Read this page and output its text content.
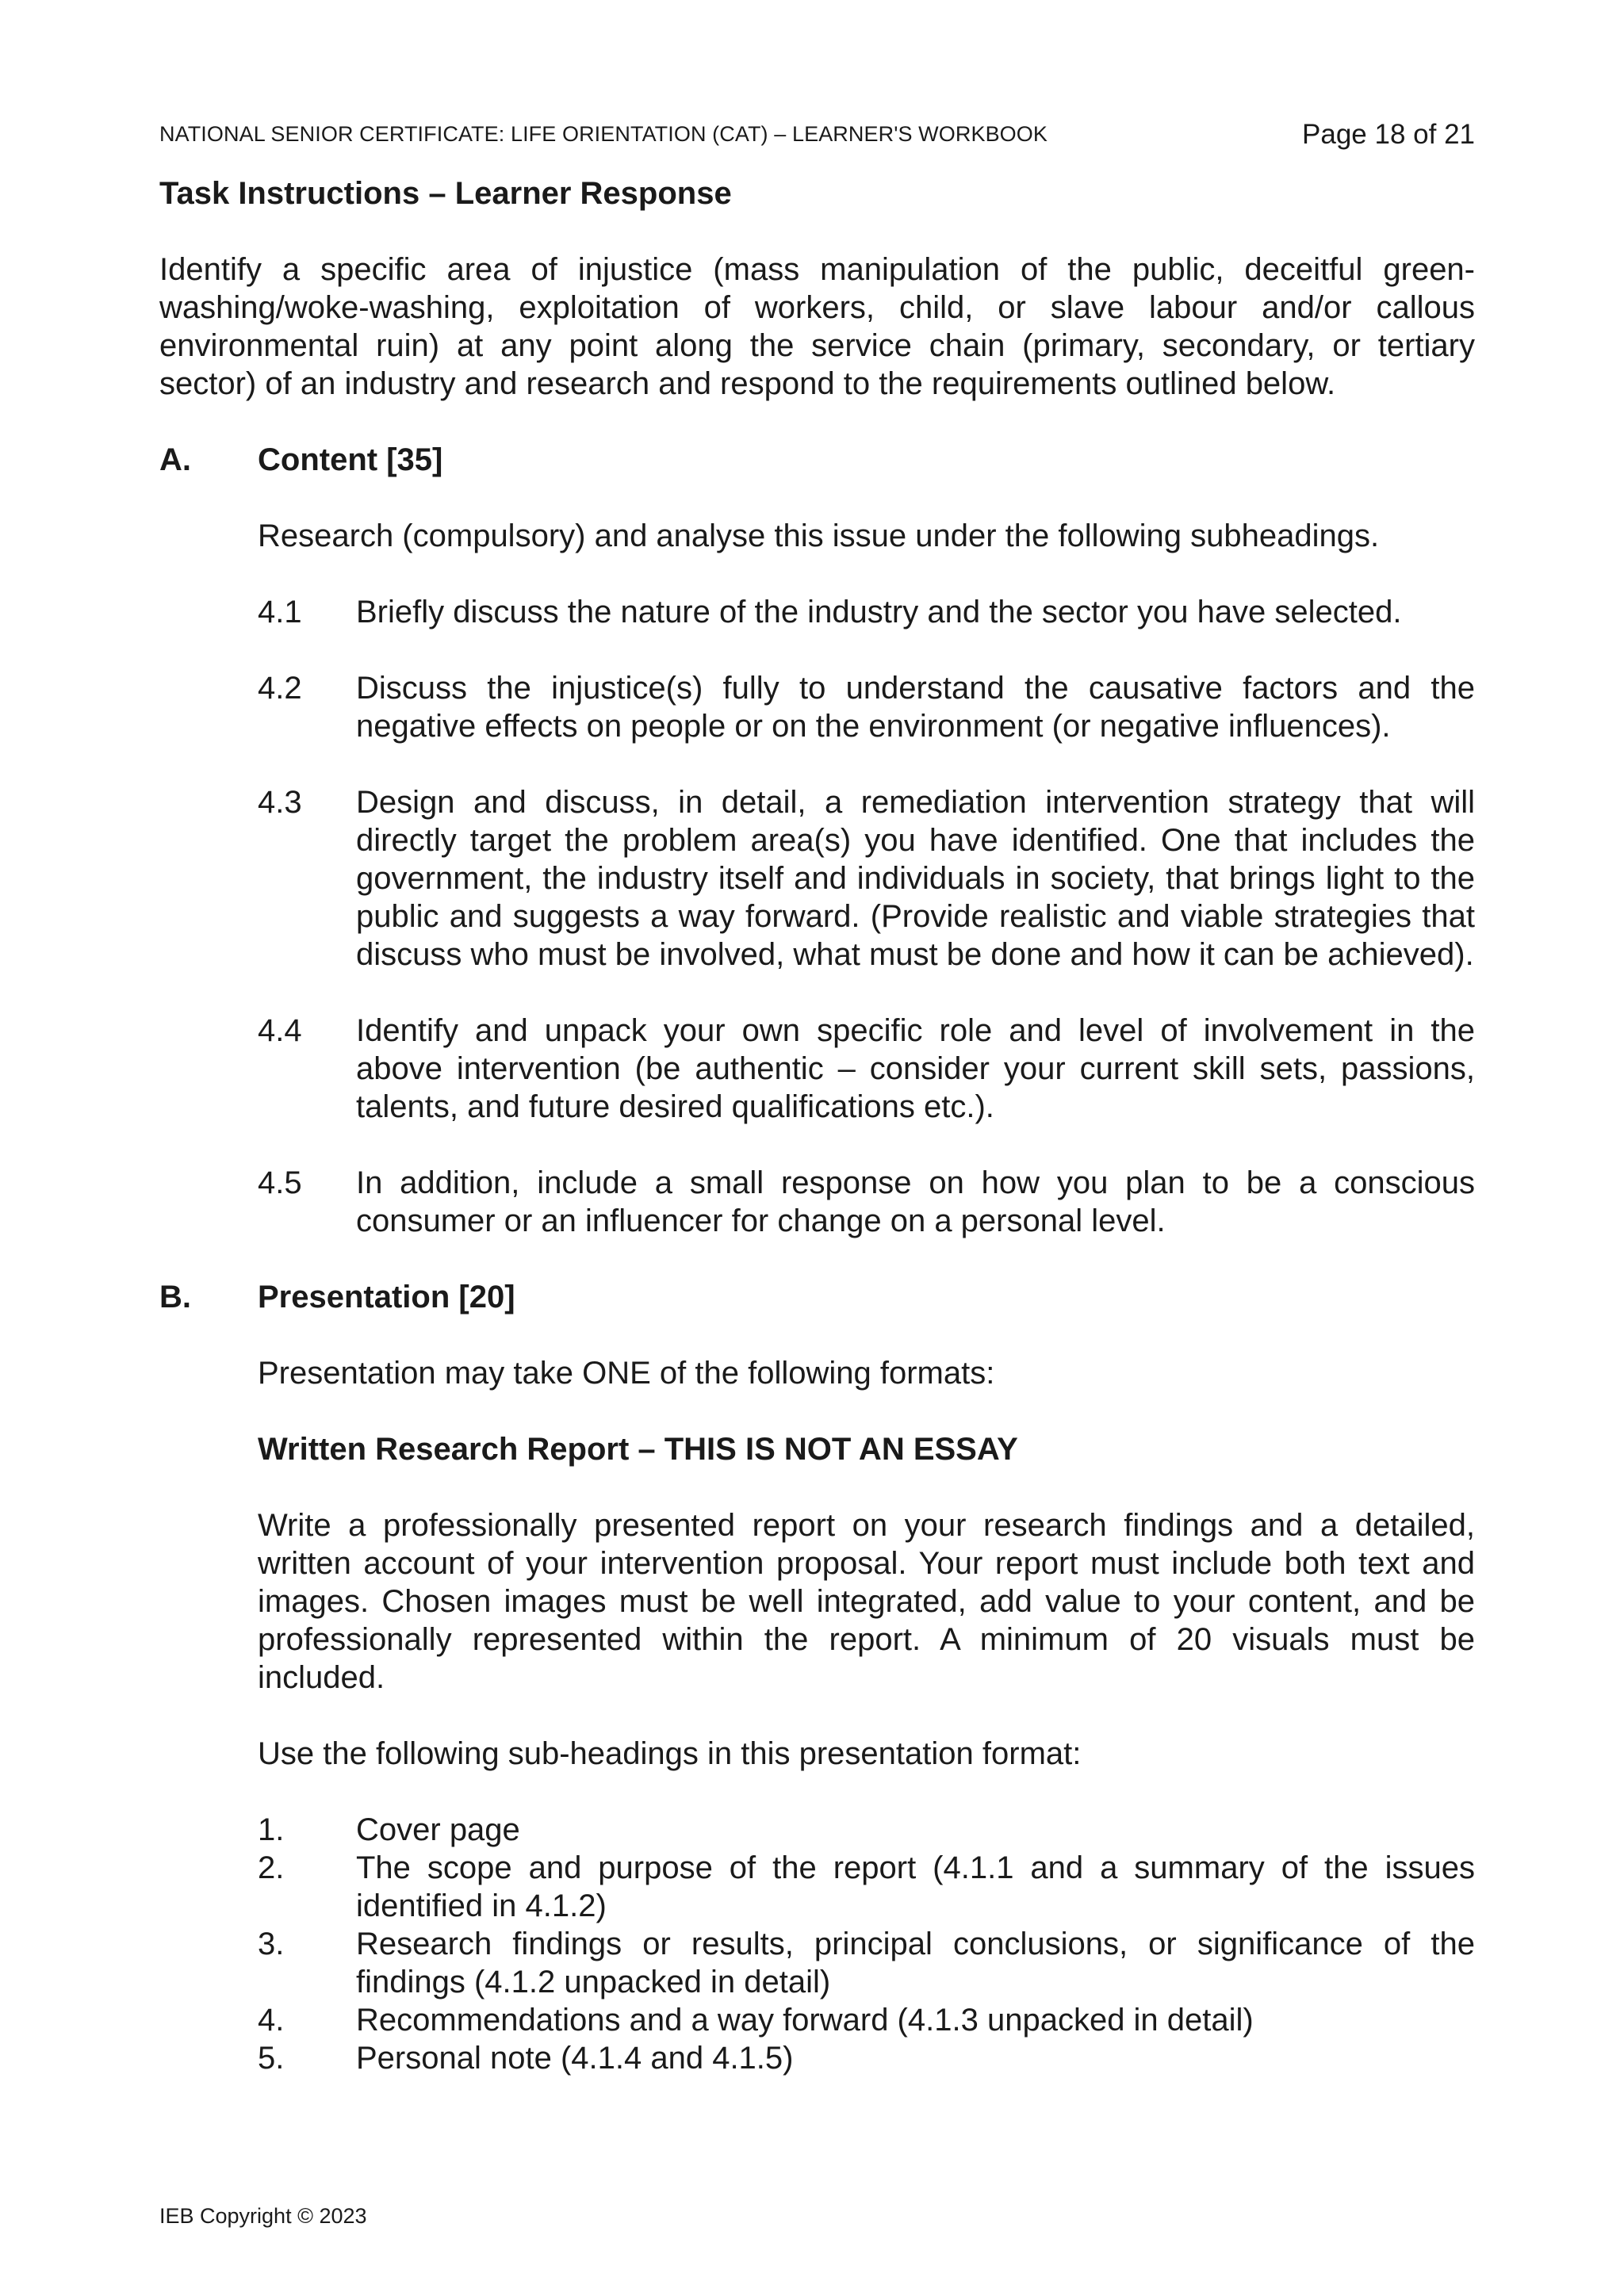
NATIONAL SENIOR CERTIFICATE: LIFE ORIENTATION (CAT) – LEARNER'S WORKBOOK	Page 18 of 21
Task Instructions – Learner Response
Identify a specific area of injustice (mass manipulation of the public, deceitful green-washing/woke-washing, exploitation of workers, child, or slave labour and/or callous environmental ruin) at any point along the service chain (primary, secondary, or tertiary sector) of an industry and research and respond to the requirements outlined below.
A.	Content [35]

Research (compulsory) and analyse this issue under the following subheadings.

4.1	Briefly discuss the nature of the industry and the sector you have selected.
4.2	Discuss the injustice(s) fully to understand the causative factors and the negative effects on people or on the environment (or negative influences).
4.3	Design and discuss, in detail, a remediation intervention strategy that will directly target the problem area(s) you have identified. One that includes the government, the industry itself and individuals in society, that brings light to the public and suggests a way forward. (Provide realistic and viable strategies that discuss who must be involved, what must be done and how it can be achieved).
4.4	Identify and unpack your own specific role and level of involvement in the above intervention (be authentic – consider your current skill sets, passions, talents, and future desired qualifications etc.).
4.5	In addition, include a small response on how you plan to be a conscious consumer or an influencer for change on a personal level.
B.	Presentation [20]

Presentation may take ONE of the following formats:

Written Research Report – THIS IS NOT AN ESSAY

Write a professionally presented report on your research findings and a detailed, written account of your intervention proposal. Your report must include both text and images. Chosen images must be well integrated, add value to your content, and be professionally represented within the report. A minimum of 20 visuals must be included.

Use the following sub-headings in this presentation format:

1.	Cover page
2.	The scope and purpose of the report (4.1.1 and a summary of the issues identified in 4.1.2)
3.	Research findings or results, principal conclusions, or significance of the findings (4.1.2 unpacked in detail)
4.	Recommendations and a way forward (4.1.3 unpacked in detail)
5.	Personal note (4.1.4 and 4.1.5)
IEB Copyright © 2023
